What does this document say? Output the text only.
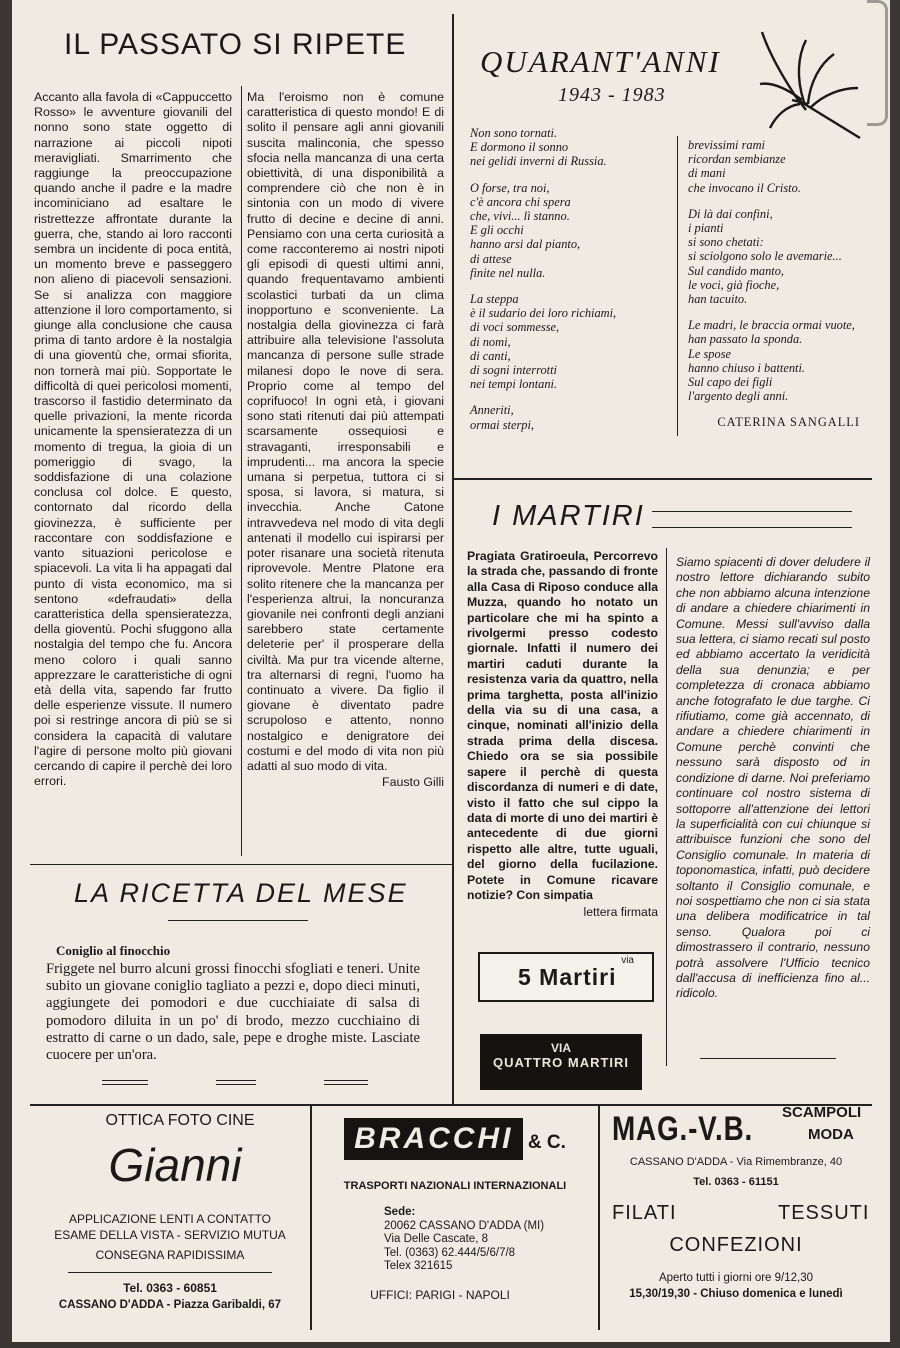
IL PASSATO SI RIPETE

Accanto alla favola di «Cappuccetto Rosso» le avventure giovanili del nonno sono state oggetto di narrazione ai piccoli nipoti meravigliati. Smarrimento che raggiunge la preoccupazione quando anche il padre e la madre incominiciano ad esaltare le ristrettezze affrontate durante la guerra, che, stando ai loro racconti sembra un incidente di poca entità, un momento breve e passeggero non alieno di piacevoli sensazioni. Se si analizza con maggiore attenzione il loro comportamento, si giunge alla conclusione che causa prima di tanto ardore è la nostalgia di una gioventù che, ormai sfiorita, non tornerà mai più. Sopportate le difficoltà di quei pericolosi momenti, trascorso il fastidio determinato da quelle privazioni, la mente ricorda unicamente la spensieratezza di un momento di tregua, la gioia di un pomeriggio di svago, la soddisfazione di una colazione conclusa col dolce. E questo, contornato dal ricordo della giovinezza, è sufficiente per raccontare con soddisfazione e vanto situazioni pericolose e spiacevoli. La vita li ha appagati dal punto di vista economico, ma si sentono «defraudati» della caratteristica della spensieratezza, della gioventù. Pochi sfuggono alla nostalgia del tempo che fu. Ancora meno coloro i quali sanno apprezzare le caratteristiche di ogni età della vita, sapendo far frutto delle esperienze vissute. Il numero poi si restringe ancora di più se si considera la capacità di valutare l'agire di persone molto più giovani cercando di capire il perchè dei loro errori.

Ma l'eroismo non è comune caratteristica di questo mondo! E di solito il pensare agli anni giovanili suscita malinconia, che spesso sfocia nella mancanza di una certa obiettività, di una disponibilità a comprendere ciò che non è in sintonia con un modo di vivere frutto di decine e decine di anni. Pensiamo con una certa curiosità a come racconteremo ai nostri nipoti gli episodi di questi ultimi anni, quando frequentavamo ambienti scolastici turbati da un clima inopportuno e sconveniente. La nostalgia della giovinezza ci farà attribuire alla televisione l'assoluta mancanza di persone sulle strade milanesi dopo le nove di sera. Proprio come al tempo del coprifuoco! In ogni età, i giovani sono stati ritenuti dai più attempati scarsamente ossequiosi e stravaganti, irresponsabili e imprudenti... ma ancora la specie umana si perpetua, tuttora ci si sposa, si lavora, si matura, si invecchia. Anche Catone intravvedeva nel modo di vita degli antenati il modello cui ispirarsi per poter risanare una società ritenuta riprovevole. Mentre Platone era solito ritenere che la mancanza per l'esperienza altrui, la noncuranza giovanile nei confronti degli anziani sarebbero state certamente deleterie per' il prosperare della civiltà. Ma pur tra vicende alterne, tra alternarsi di regni, l'uomo ha continuato a vivere. Da figlio il giovane è diventato padre scrupoloso e attento, nonno nostalgico e denigratore dei costumi e del modo di vita non più adatti al suo modo di vita.

Fausto Gilli

QUARANT'ANNI
1943 - 1983

Non sono tornati.
E dormono il sonno
nei gelidi inverni di Russia.

O forse, tra noi,
c'è ancora chi spera
che, vivi... lì stanno.
E gli occhi
hanno arsi dal pianto,
di attese
finite nel nulla.

La steppa
è il sudario dei loro richiami,
di voci sommesse,
di nomi,
di canti,
di sogni interrotti
nei tempi lontani.

Anneriti,
ormai sterpi,

brevissimi rami
ricordan sembianze
di mani
che invocano il Cristo.

Di là dai confini,
i pianti
si sono chetati:
si sciolgono solo le avemarie...
Sul candido manto,
le voci, già fioche,
han tacuito.

Le madri, le braccia ormai vuote,
han passato la sponda.
Le spose
hanno chiuso i battenti.
Sul capo dei figli
l'argento degli anni.

CATERINA SANGALLI

I MARTIRI

Pragiata Gratiroeula, Percorrevo la strada che, passando di fronte alla Casa di Riposo conduce alla Muzza, quando ho notato un particolare che mi ha spinto a rivolgermi presso codesto giornale. Infatti il numero dei martiri caduti durante la resistenza varia da quattro, nella prima targhetta, posta all'inizio della via su di una casa, a cinque, nominati all'inizio della strada prima della discesa. Chiedo ora se sia possibile sapere il perchè di questa discordanza di numeri e di date, visto il fatto che sul cippo la data di morte di uno dei martiri è antecedente di due giorni rispetto alle altre, tutte uguali, del giorno della fucilazione. Potete in Comune ricavare notizie? Con simpatia

lettera firmata

via
5 Martiri
VIA
QUATTRO MARTIRI

Siamo spiacenti di dover deludere il nostro lettore dichiarando subito che non abbiamo alcuna intenzione di andare a chiedere chiarimenti in Comune. Messi sull'avviso dalla sua lettera, ci siamo recati sul posto ed abbiamo accertato la veridicità della sua denunzia; e per completezza di cronaca abbiamo anche fotografato le due targhe. Ci rifiutiamo, come già accennato, di andare a chiedere chiarimenti in Comune perchè convinti che nessuno sarà disposto od in condizione di darne. Noi preferiamo continuare col nostro sistema di sottoporre all'attenzione dei lettori la superficialità con cui chiunque si attribuisce funzioni che sono del Consiglio comunale. In materia di toponomastica, infatti, può decidere soltanto il Consiglio comunale, e noi sospettiamo che non ci sia stata una delibera modificatrice in tal senso. Qualora poi ci dimostrassero il contrario, nessuno potrà assolvere l'Ufficio tecnico dall'accusa di inefficienza fino al... ridicolo.

LA RICETTA DEL MESE
Coniglio al finocchio
Friggete nel burro alcuni grossi finocchi sfogliati e teneri. Unite subito un giovane coniglio tagliato a pezzi e, dopo dieci minuti, aggiungete dei pomodori e due cucchiaiate di salsa di pomodoro diluita in un po' di brodo, mezzo cucchiaino di estratto di carne o un dado, sale, pepe e droghe miste. Lasciate cuocere per un'ora.
OTTICA FOTO CINE
Gianni
APPLICAZIONE LENTI A CONTATTO
ESAME DELLA VISTA - SERVIZIO MUTUA
CONSEGNA RAPIDISSIMA
Tel. 0363 - 60851
CASSANO D'ADDA - Piazza Garibaldi, 67
BRACCHI & C.
TRASPORTI NAZIONALI INTERNAZIONALI
Sede:
20062 CASSANO D'ADDA (MI)
Via Delle Cascate, 8
Tel. (0363) 62.444/5/6/7/8
Telex 321615
UFFICI: PARIGI - NAPOLI
MAG.-V.B. SCAMPOLI
MODA
CASSANO D'ADDA - Via Rimembranze, 40
Tel. 0363 - 61151
FILATI	TESSUTI
CONFEZIONI
Aperto tutti i giorni ore 9/12,30
15,30/19,30 - Chiuso domenica e lunedì
